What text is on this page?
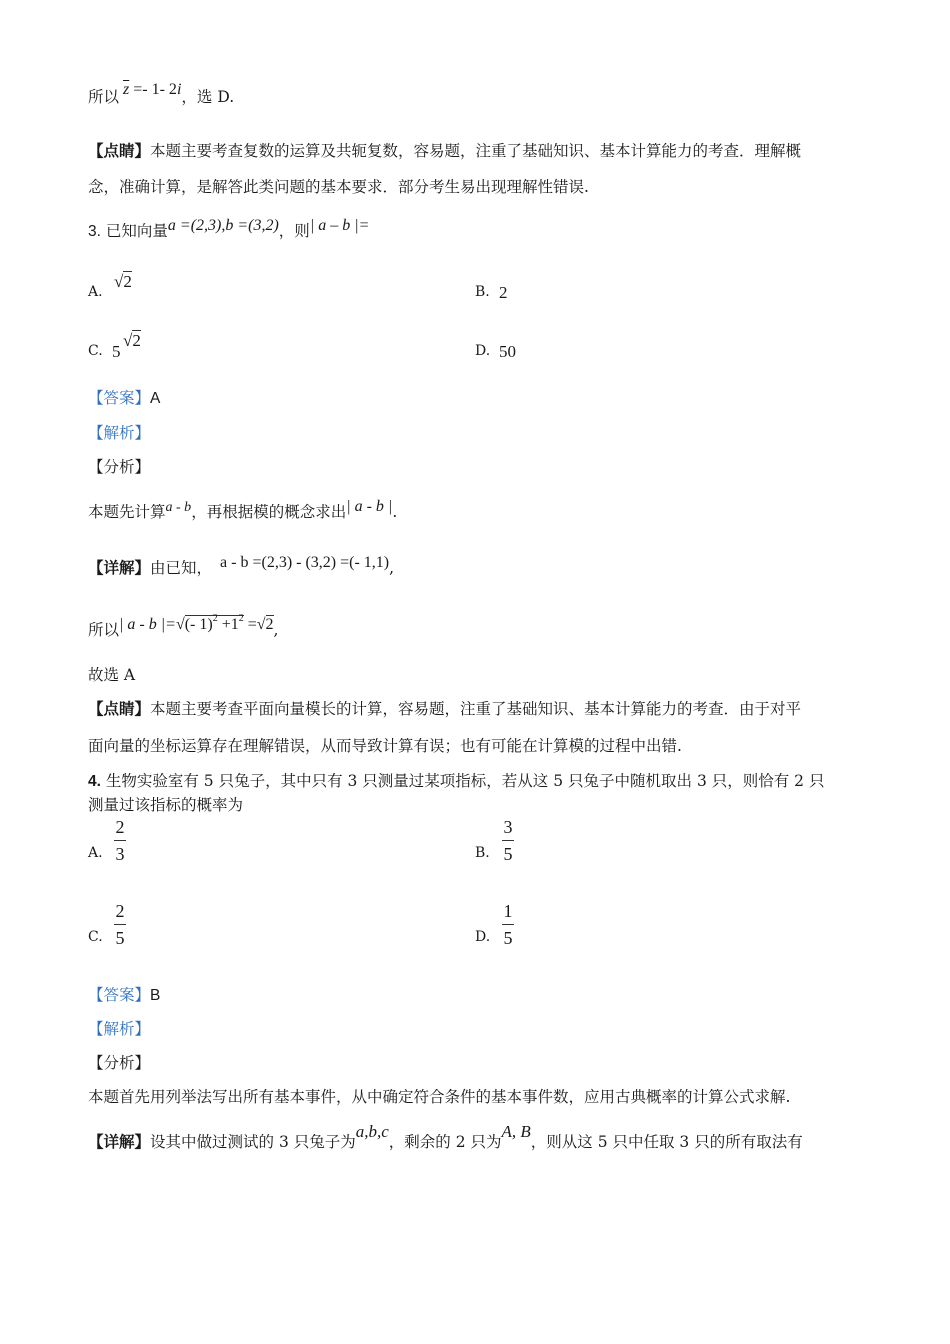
所以 $\overline{z} =- 1-$ 2i，选 D.
【点睛】本题主要考查复数的运算及共轭复数，容易题，注重了基础知识、基本计算能力的考查．理解概
念，准确计算，是解答此类问题的基本要求．部分考生易出现理解性错误.
3. 已知向量a =(2,3),b =(3,2)，则| a – b |=
A.
√2
B. 2
C. 5
√2
D. 50
【答案】A
【解析】
【分析】
本题先计算a - b，再根据模的概念求出| a - b |.
【详解】由已知， a - b =(2,3) - (3,2) =(- 1,1),
所以| a - b |=√(- $1)^2 +1^2 =√2$,
故选 A
【点睛】本题主要考查平面向量模长的计算，容易题，注重了基础知识、基本计算能力的考查．由于对平
面向量的坐标运算存在理解错误，从而导致计算有误；也有可能在计算模的过程中出错.
4. 生物实验室有 5 只兔子，其中只有 3 只测量过某项指标，若从这 5 只兔子中随机取出 3 只，则恰有 2 只
测量过该指标的概率为
A.
2
3	B.
3
5
C.
2
5	D.
1
5
【答案】B
【解析】
【分析】
本题首先用列举法写出所有基本事件，从中确定符合条件的基本事件数，应用古典概率的计算公式求解.
【详解】设其中做过测试的 3 只兔子为a,b,c，剩余的 2 只为A, B，则从这 5 只中任取 3 只的所有取法有
